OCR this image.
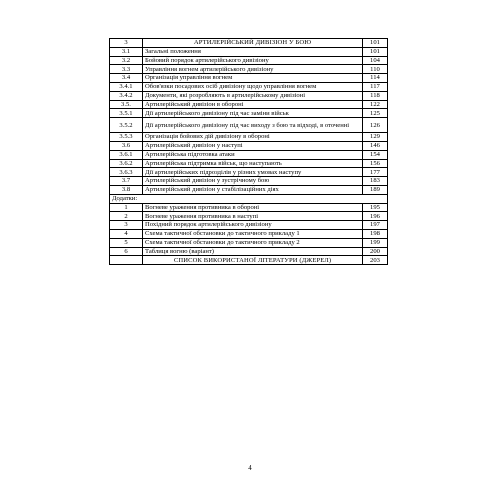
3	АРТИЛЕРІЙСЬКИЙ ДИВІЗІОН У БОЮ	101
3.1	Загальні положення	101
3.2	Бойовий порядок артилерійського дивізіону	104
3.3	Управління вогнем артилерійського дивізіону	110
3.4	Організація управління вогнем	114
3.4.1	Обов'язки посадових осіб дивізіону щодо управління вогнем	117
3.4.2	Документи, які розробляють в артилерійському дивізіоні	118
3.5.	Артилерійський дивізіон в обороні	122
3.5.1	Дії артилерійського дивізіону під час заміни військ	125
3.5.2	Дії артилерійського дивізіону під час виходу з бою та відході, в оточенні	126
3.5.3	Організація бойових дій дивізіону в обороні	129
3.6	Артилерійський дивізіон у наступі	146
3.6.1	Артилерійська підготовка атаки	154
3.6.2	Артилерійська підтримка військ, що наступають	156
3.6.3	Дії артилерійських підрозділів у різних умовах наступу	177
3.7	Артилерійський дивізіон у зустрічному бою	183
3.8	Артилерійський дивізіон у стабілізаційних діях	189
Додатки:		
1	Вогневе ураження противника в обороні	195
2	Вогневе ураження противника в наступі	196
3	Похідний порядок артилерійського дивізіону	197
4	Схема тактичної обстановки до тактичного прикладу 1	198
5	Схема тактичної обстановки до тактичного прикладу 2	199
6	Таблиця вогню (варіант)	200
	СПИСОК ВИКОРИСТАНОЇ ЛІТЕРАТУРИ (ДЖЕРЕЛ)	203
4
